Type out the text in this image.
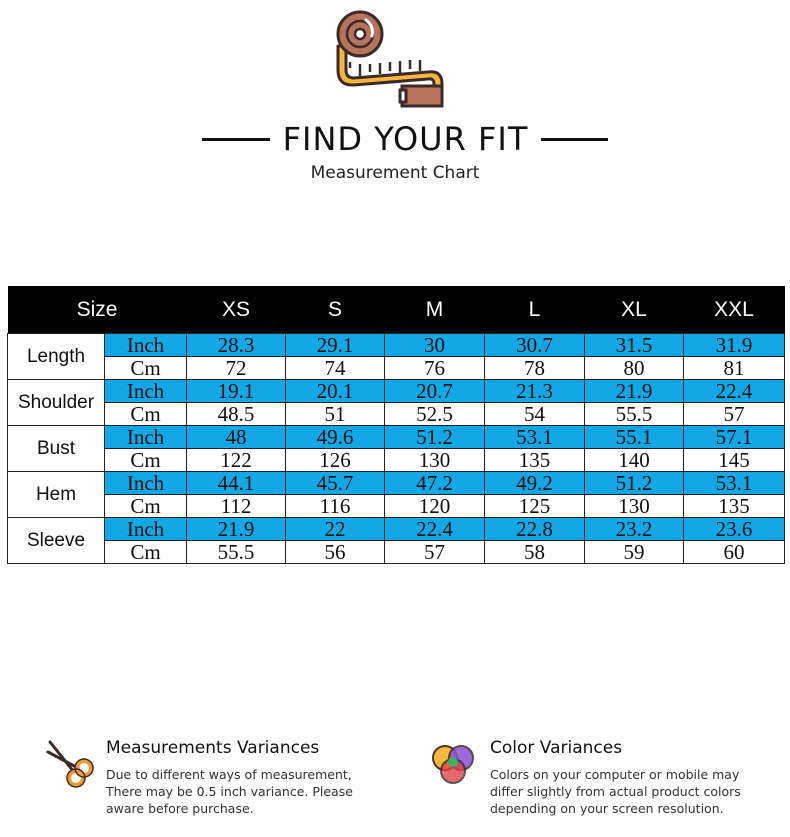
FIND YOUR FIT
Measurement Chart
Size		XS	S	M	L	XL	XXL
Length	Inch	28.3	29.1	30	30.7	31.5	31.9
	Cm	72	74	76	78	80	81
Shoulder	Inch	19.1	20.1	20.7	21.3	21.9	22.4
	Cm	48.5	51	52.5	54	55.5	57
Bust	Inch	48	49.6	51.2	53.1	55.1	57.1
	Cm	122	126	130	135	140	145
Hem	Inch	44.1	45.7	47.2	49.2	51.2	53.1
	Cm	112	116	120	125	130	135
Sleeve	Inch	21.9	22	22.4	22.8	23.2	23.6
	Cm	55.5	56	57	58	59	60
Measurements Variances
Due to different ways of measurement,
There may be 0.5 inch variance. Please
aware before purchase.
Color Variances
Colors on your computer or mobile may
differ slightly from actual product colors
depending on your screen resolution.
